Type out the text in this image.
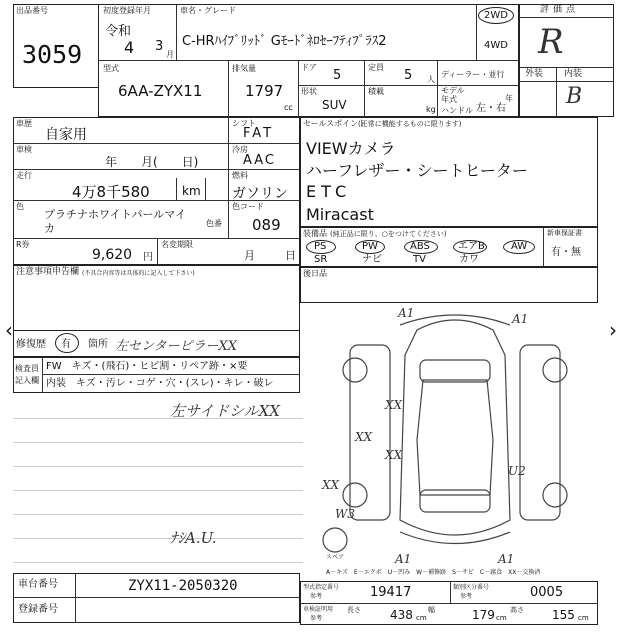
出品番号
3059
初度登録年月
令和
4 3
月
車名・グレード
C-HRﾊｲﾌﾞﾘｯﾄﾞ Gﾓｰﾄﾞﾈﾛｾｰﾌﾃｨﾌﾟﾗｽ2
2WD
4WD
型式
6AA-ZYX11
排気量
1797
cc
ドア
5
定員
5 人
ディーラー・並行
形状
SUV
積載
kg
モデル年式	年
ハンドル 左・右
評価点
R
外装 内装
B
車歴
自家用
シフト
FAT
車検
年　　月(　　日)
冷房
AAC
走行
4万8千580	km
燃料
ガソリン
色
プラチナホワイトパールマイカ	色番
色コード
089
R券
9,620 円
名変期限
月	日
注意事項申告欄 (不具合内容等は具体的に記入して下さい)
セールスポイント
(正常に機能するものに限ります)
VIEWカメラ
ハーフレザー・シートヒーター
ETC
Miracast
装備品 (純正品に限り、○をつけてください)
PS
SR
PW
ナビ
ABS
TV
エアB
カワ
AW
新車保証書
有・無
後日品
修復歴 有 箇所 左センターピラーXX
検査員
記入欄
FW　キズ・(飛石)・ヒビ割・リペア跡・×要
内装　キズ・汚レ・コゲ・穴・(スレ)・キレ・破レ
左サイドシルXX
ﾅｼA.U.
A1	A1
XX
XX
XX
XX
U2
W3
A1	A1
スペア
A－キズ　E－エクボ　U－凹み　W－補修跡　S－サビ　C－腐食　XX－交換済
車台番号	ZYX11-2050320
登録番号
型式指定番号
参考	19417	類別区分番号
参考	0005
車検証明用
参考
長さ 438 cm
幅	179 cm
高さ 155 cm
‹	›
